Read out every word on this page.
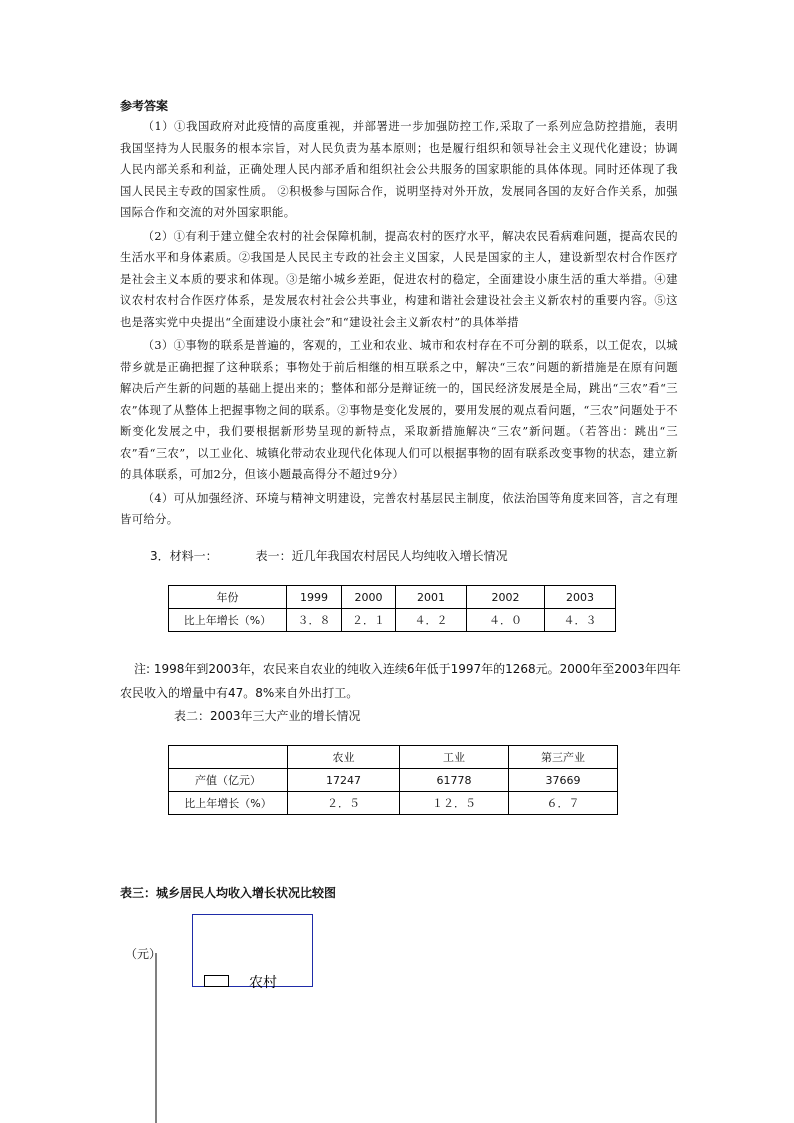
参考答案

（1）①我国政府对此疫情的高度重视，并部署进一步加强防控工作,采取了一系列应急防控措施，表明我国坚持为人民服务的根本宗旨，对人民负责为基本原则；也是履行组织和领导社会主义现代化建设；协调人民内部关系和利益，正确处理人民内部矛盾和组织社会公共服务的国家职能的具体体现。同时还体现了我国人民民主专政的国家性质。 ②积极参与国际合作，说明坚持对外开放，发展同各国的友好合作关系，加强国际合作和交流的对外国家职能。

（2）①有利于建立健全农村的社会保障机制，提高农村的医疗水平，解决农民看病难问题，提高农民的生活水平和身体素质。②我国是人民民主专政的社会主义国家，人民是国家的主人，建设新型农村合作医疗是社会主义本质的要求和体现。③是缩小城乡差距，促进农村的稳定，全面建设小康生活的重大举措。④建议农村农村合作医疗体系，是发展农村社会公共事业，构建和谐社会建设社会主义新农村的重要内容。⑤这也是落实党中央提出“全面建设小康社会”和“建设社会主义新农村”的具体举措

（3）①事物的联系是普遍的，客观的，工业和农业、城市和农村存在不可分割的联系，以工促农，以城带乡就是正确把握了这种联系；事物处于前后相继的相互联系之中，解决“三农”问题的新措施是在原有问题解决后产生新的问题的基础上提出来的；整体和部分是辩证统一的，国民经济发展是全局，跳出“三农”看“三农”体现了从整体上把握事物之间的联系。②事物是变化发展的，要用发展的观点看问题，“三农”问题处于不断变化发展之中，我们要根据新形势呈现的新特点，采取新措施解决“三农”新问题。（若答出：跳出“三农”看“三农”，以工业化、城镇化带动农业现代化体现人们可以根据事物的固有联系改变事物的状态，建立新的具体联系，可加2分，但该小题最高得分不超过9分）

（4）可从加强经济、环境与精神文明建设，完善农村基层民主制度，依法治国等角度来回答，言之有理皆可给分。

3．材料一：	表一：近几年我国农村居民人均纯收入增长情况
年份	1999	2000	2001	2002	2003
比上年增长（%）	３．８	２．１	４．２	４．０	４．３
注: 1998年到2003年，农民来自农业的纯收入连续6年低于1997年的1268元。2000年至2003年四年
农民收入的增量中有47。8%来自外出打工。
表二：2003年三大产业的增长情况
	农业	工业	第三产业
产值（亿元）	17247	61778	37669
比上年增长（%）	２．５	１２．５	６．７
表三：城乡居民人均收入增长状况比较图
（元）
农村
